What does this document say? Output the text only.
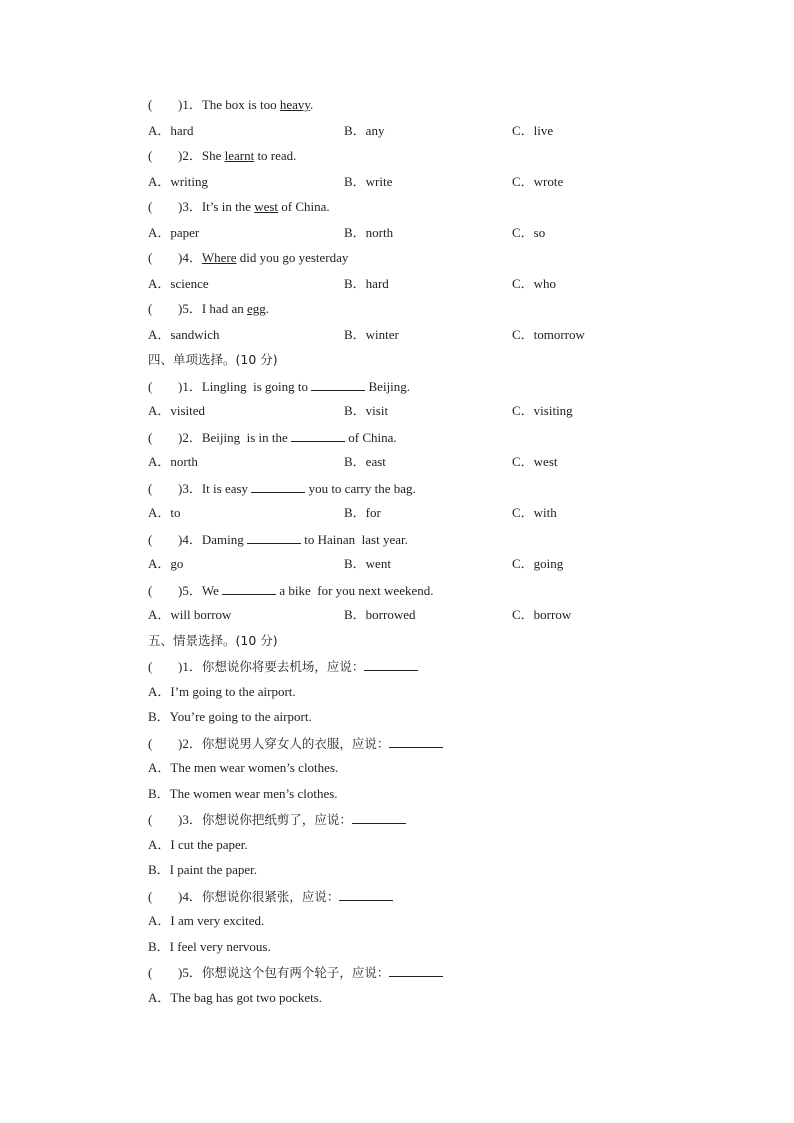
( )1．The box is too heavy.
A．hard	B．any	C．live
( )2．She learnt to read.
A．writing	B．write	C．wrote
( )3．It’s in the west of China.
A．paper	B．north	C．so
( )4．Where did you go yesterday
A．science	B．hard	C．who
( )5．I had an egg.
A．sandwich	B．winter	C．tomorrow
四、单项选择。(10 分)
( )1．Lingling  is going to	Beijing.
A．visited	B．visit	C．visiting
( )2．Beijing  is in the	of China.
A．north	B．east	C．west
( )3．It is easy	you to carry the bag.
A．to	B．for	C．with
( )4．Daming	to Hainan  last year.
A．go	B．went	C．going
( )5．We	a bike  for you next weekend.
A．will borrow	B．borrowed	C．borrow
五、情景选择。(10 分)
( )1．你想说你将要去机场，应说：
A．I’m going to the airport.
B．You’re going to the airport.
( )2．你想说男人穿女人的衣服，应说：
A．The men wear women’s clothes.
B．The women wear men’s clothes.
( )3．你想说你把纸剪了，应说：
A．I cut the paper.
B．I paint the paper.
( )4．你想说你很紧张，应说：
A．I am very excited.
B．I feel very nervous.
( )5．你想说这个包有两个轮子，应说：
A．The bag has got two pockets.
